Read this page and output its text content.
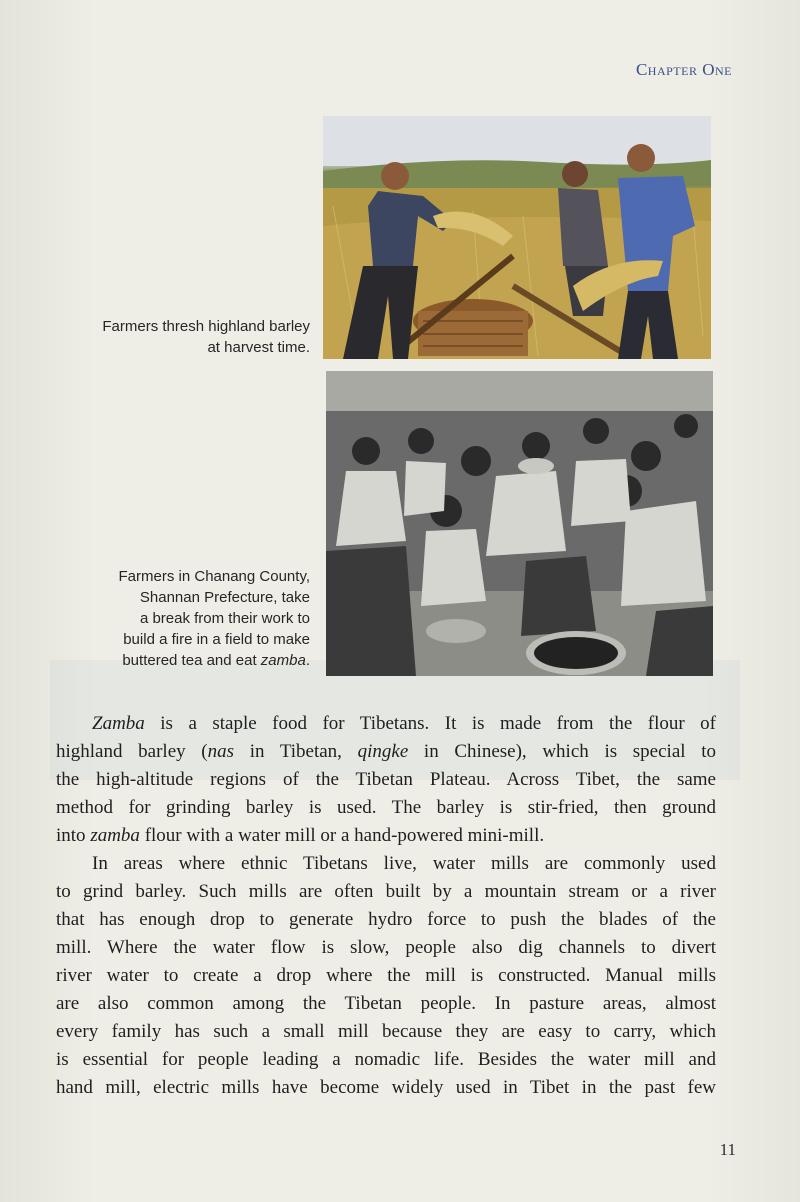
Chapter One
Farmers thresh highland barley
at harvest time.
Farmers in Chanang County,
Shannan Prefecture, take
a break from their work to
build a fire in a field to make
buttered tea and eat zamba.

Zamba is a staple food for Tibetans. It is made from the flour of
highland barley (nas in Tibetan, qingke in Chinese), which is special to
the high-altitude regions of the Tibetan Plateau. Across Tibet, the same
method for grinding barley is used. The barley is stir-fried, then ground
into zamba flour with a water mill or a hand-powered mini-mill.

In areas where ethnic Tibetans live, water mills are commonly used
to grind barley. Such mills are often built by a mountain stream or a river
that has enough drop to generate hydro force to push the blades of the
mill. Where the water flow is slow, people also dig channels to divert
river water to create a drop where the mill is constructed. Manual mills
are also common among the Tibetan people. In pasture areas, almost
every family has such a small mill because they are easy to carry, which
is essential for people leading a nomadic life. Besides the water mill and
hand mill, electric mills have become widely used in Tibet in the past few

11
